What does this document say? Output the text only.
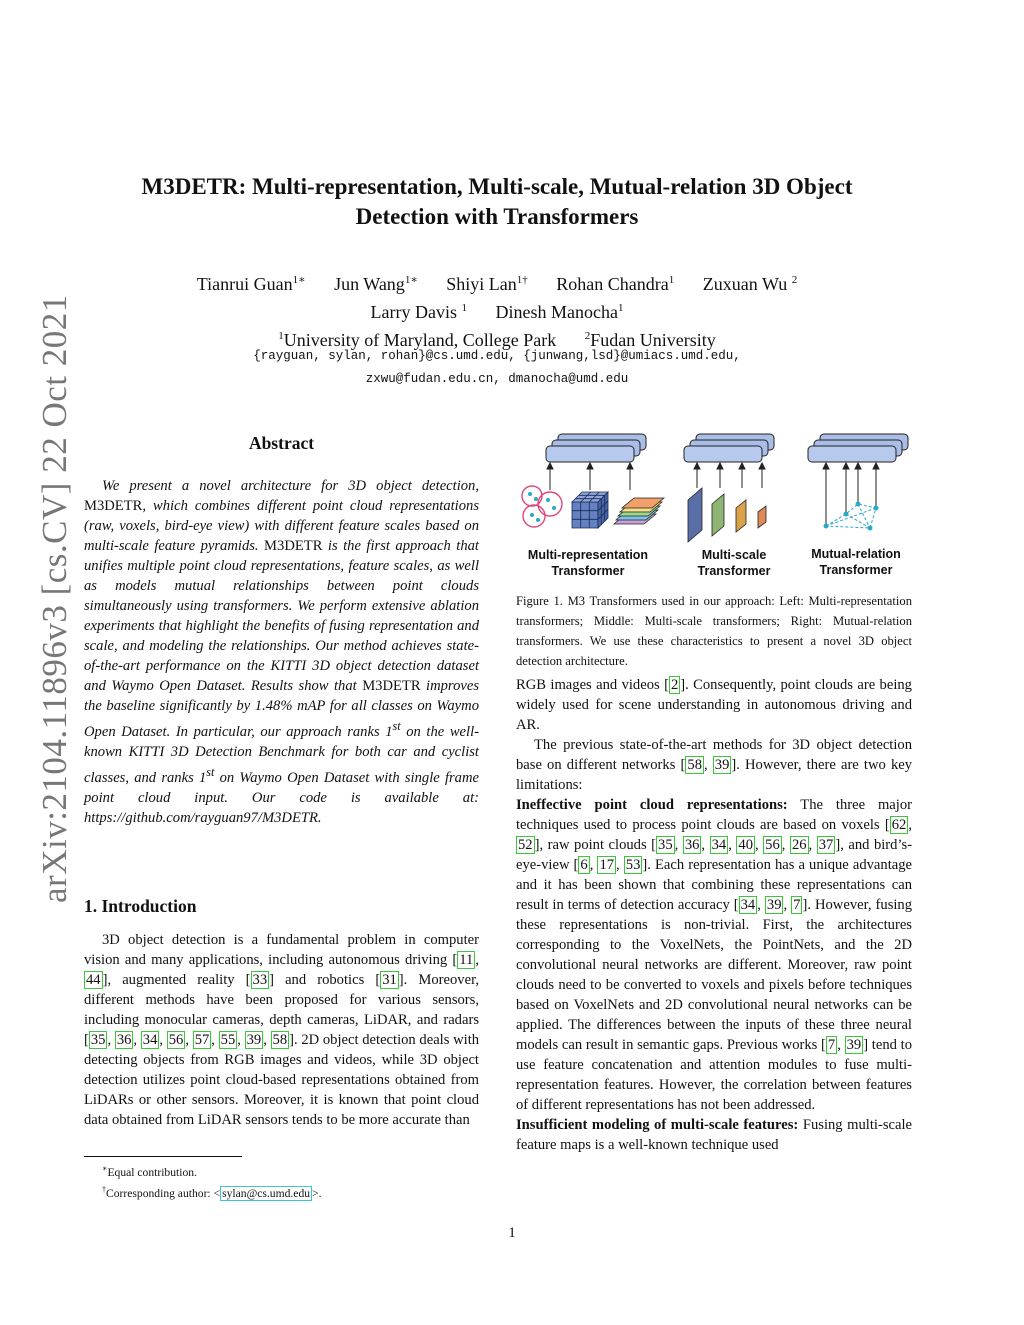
arXiv:2104.11896v3 [cs.CV] 22 Oct 2021
M3DETR: Multi-representation, Multi-scale, Mutual-relation 3D Object Detection with Transformers
Tianrui Guan$^{1∗}$ Jun Wang$^{1∗}$ Shiyi Lan$^{1\dagger}$ Rohan Chandra$^1$ Zuxuan Wu $^2$
Larry Davis $^1$ Dinesh Manocha$^1$
$^1$University of Maryland, College Park	$^2$Fudan University
{rayguan, sylan, rohan}@cs.umd.edu, {junwang,lsd}@umiacs.umd.edu,
zxwu@fudan.edu.cn, dmanocha@umd.edu
Abstract
We present a novel architecture for 3D object detection, M3DETR, which combines different point cloud representations (raw, voxels, bird-eye view) with different feature scales based on multi-scale feature pyramids. M3DETR is the first approach that unifies multiple point cloud representations, feature scales, as well as models mutual relationships between point clouds simultaneously using transformers. We perform extensive ablation experiments that highlight the benefits of fusing representation and scale, and modeling the relationships. Our method achieves state-of-the-art performance on the KITTI 3D object detection dataset and Waymo Open Dataset. Results show that M3DETR improves the baseline significantly by 1.48% mAP for all classes on Waymo Open Dataset. In particular, our approach ranks 1st on the well-known KITTI 3D Detection Benchmark for both car and cyclist classes, and ranks 1st on Waymo Open Dataset with single frame point cloud input. Our code is available at: https://github.com/rayguan97/M3DETR.
1. Introduction
3D object detection is a fundamental problem in computer vision and many applications, including autonomous driving [ 11 , 44 ], augmented reality [ 33 ] and robotics [ 31 ]. Moreover, different methods have been proposed for various sensors, including monocular cameras, depth cameras, LiDAR, and radars [ 35 , 36 , 34 , 56 , 57 , 55 , 39 , 58 ]. 2D object detection deals with detecting objects from RGB images and videos, while 3D object detection utilizes point cloud-based representations obtained from LiDARs or other sensors. Moreover, it is known that point cloud data obtained from LiDAR sensors tends to be more accurate than

∗Equal contribution.

†Corresponding author: < sylan@cs.umd.edu >.

Multi-representation
Transformer
Multi-scale
Transformer
Mutual-relation
Transformer
Figure 1. M3 Transformers used in our approach: Left: Multi-representation transformers; Middle: Multi-scale transformers; Right: Mutual-relation transformers. We use these characteristics to present a novel 3D object detection architecture.

RGB images and videos [ 2 ]. Consequently, point clouds are being widely used for scene understanding in autonomous driving and AR.

The previous state-of-the-art methods for 3D object detection base on different networks [ 58 , 39 ]. However, there are two key limitations:

Ineffective point cloud representations: The three major techniques used to process point clouds are based on voxels [ 62 , 52 ], raw point clouds [ 35 , 36 , 34 , 40 , 56 , 26 , 37 ], and bird’s-eye-view [ 6 , 17 , 53 ]. Each representation has a unique advantage and it has been shown that combining these representations can result in terms of detection accuracy [ 34 , 39 , 7 ]. However, fusing these representations is non-trivial. First, the architectures corresponding to the VoxelNets, the PointNets, and the 2D convolutional neural networks are different. Moreover, raw point clouds need to be converted to voxels and pixels before techniques based on VoxelNets and 2D convolutional neural networks can be applied. The differences between the inputs of these three neural models can result in semantic gaps. Previous works [ 7 , 39 ] tend to use feature concatenation and attention modules to fuse multi-representation features. However, the correlation between features of different representations has not been addressed.

Insufficient modeling of multi-scale features: Fusing multi-scale feature maps is a well-known technique used

1
